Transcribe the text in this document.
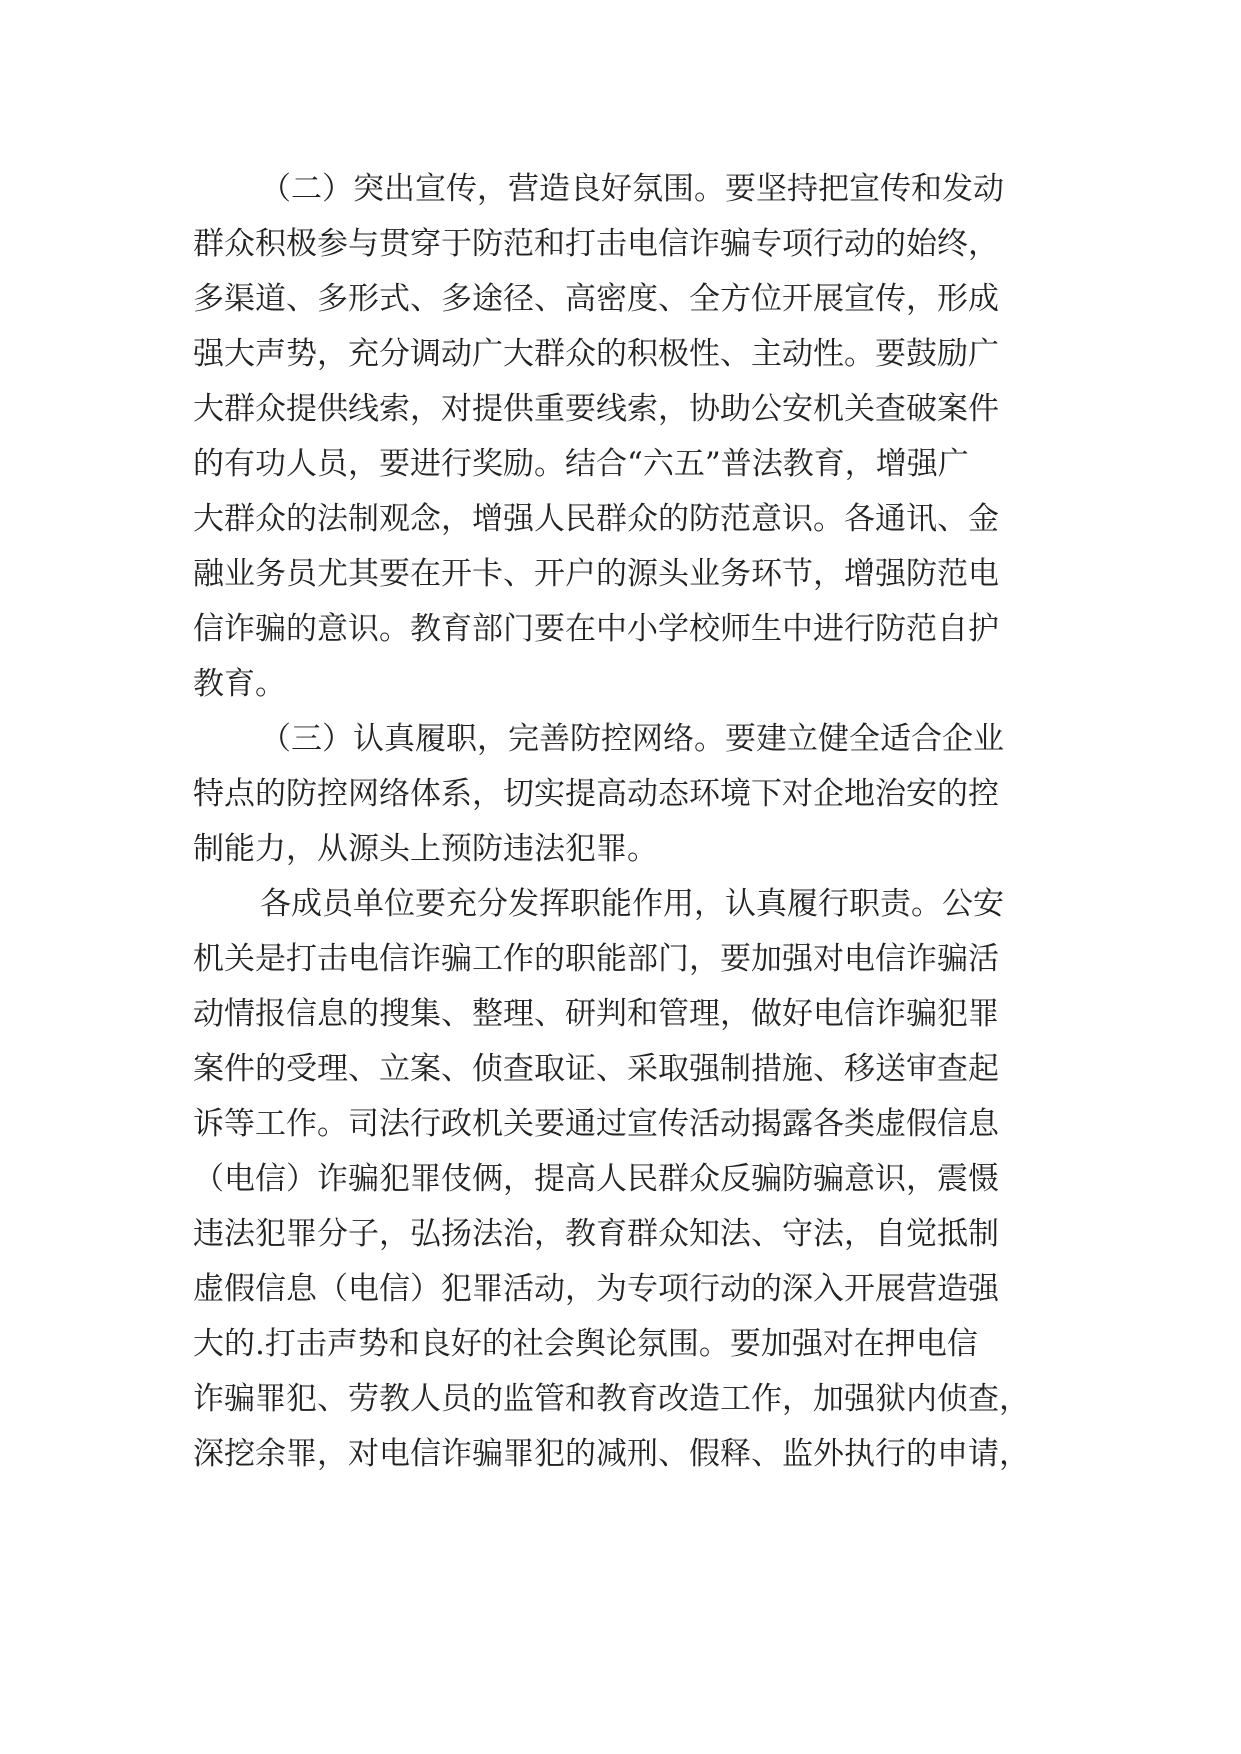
（二）突出宣传，营造良好氛围。要坚持把宣传和发动
群众积极参与贯穿于防范和打击电信诈骗专项行动的始终，
多渠道、多形式、多途径、高密度、全方位开展宣传，形成
强大声势，充分调动广大群众的积极性、主动性。要鼓励广
大群众提供线索，对提供重要线索，协助公安机关查破案件
的有功人员，要进行奖励。结合“六五”普法教育，增强广
大群众的法制观念，增强人民群众的防范意识。各通讯、金
融业务员尤其要在开卡、开户的源头业务环节，增强防范电
信诈骗的意识。教育部门要在中小学校师生中进行防范自护
教育。
（三）认真履职，完善防控网络。要建立健全适合企业
特点的防控网络体系，切实提高动态环境下对企地治安的控
制能力，从源头上预防违法犯罪。
各成员单位要充分发挥职能作用，认真履行职责。公安
机关是打击电信诈骗工作的职能部门，要加强对电信诈骗活
动情报信息的搜集、整理、研判和管理，做好电信诈骗犯罪
案件的受理、立案、侦查取证、采取强制措施、移送审查起
诉等工作。司法行政机关要通过宣传活动揭露各类虚假信息
（电信）诈骗犯罪伎俩，提高人民群众反骗防骗意识，震慑
违法犯罪分子，弘扬法治，教育群众知法、守法，自觉抵制
虚假信息（电信）犯罪活动，为专项行动的深入开展营造强
大的.打击声势和良好的社会舆论氛围。要加强对在押电信
诈骗罪犯、劳教人员的监管和教育改造工作，加强狱内侦查，
深挖余罪，对电信诈骗罪犯的减刑、假释、监外执行的申请，
